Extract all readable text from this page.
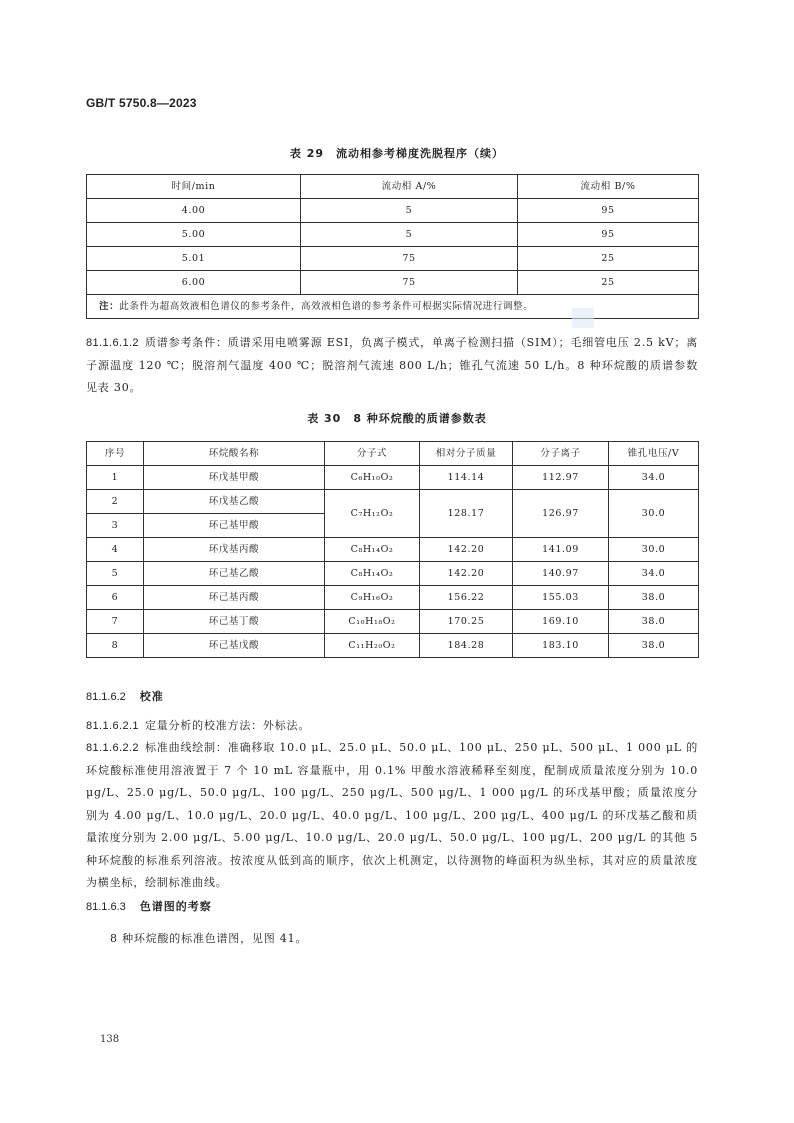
GB/T 5750.8—2023
表 29　流动相参考梯度洗脱程序（续）
时间/min	流动相 A/%	流动相 B/%
4.00	5	95
5.00	5	95
5.01	75	25
6.00	75	25
注：此条件为超高效液相色谱仪的参考条件，高效液相色谱的参考条件可根据实际情况进行调整。		
81.1.6.1.2 质谱参考条件：质谱采用电喷雾源 ESI，负离子模式，单离子检测扫描（SIM）；毛细管电压 2.5 kV；离子源温度 120 ℃；脱溶剂气温度 400 ℃；脱溶剂气流速 800 L/h；锥孔气流速 50 L/h。8 种环烷酸的质谱参数见表 30。
表 30　8 种环烷酸的质谱参数表
序号	环烷酸名称	分子式	相对分子质量	分子离子	锥孔电压/V
1	环戊基甲酸	C₆H₁₀O₂	114.14	112.97	34.0
2	环戊基乙酸	C₇H₁₂O₂	128.17	126.97	30.0
3	环己基甲酸				
4	环戊基丙酸	C₈H₁₄O₂	142.20	141.09	30.0
5	环己基乙酸	C₈H₁₄O₂	142.20	140.97	34.0
6	环己基丙酸	C₉H₁₆O₂	156.22	155.03	38.0
7	环己基丁酸	C₁₀H₁₈O₂	170.25	169.10	38.0
8	环己基戊酸	C₁₁H₂₀O₂	184.28	183.10	38.0
81.1.6.2 校准
81.1.6.2.1 定量分析的校准方法：外标法。
81.1.6.2.2 标准曲线绘制：准确移取 10.0 μL、25.0 μL、50.0 μL、100 μL、250 μL、500 μL、1 000 μL 的环烷酸标准使用溶液置于 7 个 10 mL 容量瓶中，用 0.1% 甲酸水溶液稀释至刻度，配制成质量浓度分别为 10.0 μg/L、25.0 μg/L、50.0 μg/L、100 μg/L、250 μg/L、500 μg/L、1 000 μg/L 的环戊基甲酸；质量浓度分别为 4.00 μg/L、10.0 μg/L、20.0 μg/L、40.0 μg/L、100 μg/L、200 μg/L、400 μg/L 的环戊基乙酸和质量浓度分别为 2.00 μg/L、5.00 μg/L、10.0 μg/L、20.0 μg/L、50.0 μg/L、100 μg/L、200 μg/L 的其他 5 种环烷酸的标准系列溶液。按浓度从低到高的顺序，依次上机测定，以待测物的峰面积为纵坐标，其对应的质量浓度为横坐标，绘制标准曲线。
81.1.6.3 色谱图的考察
8 种环烷酸的标准色谱图，见图 41。
138
